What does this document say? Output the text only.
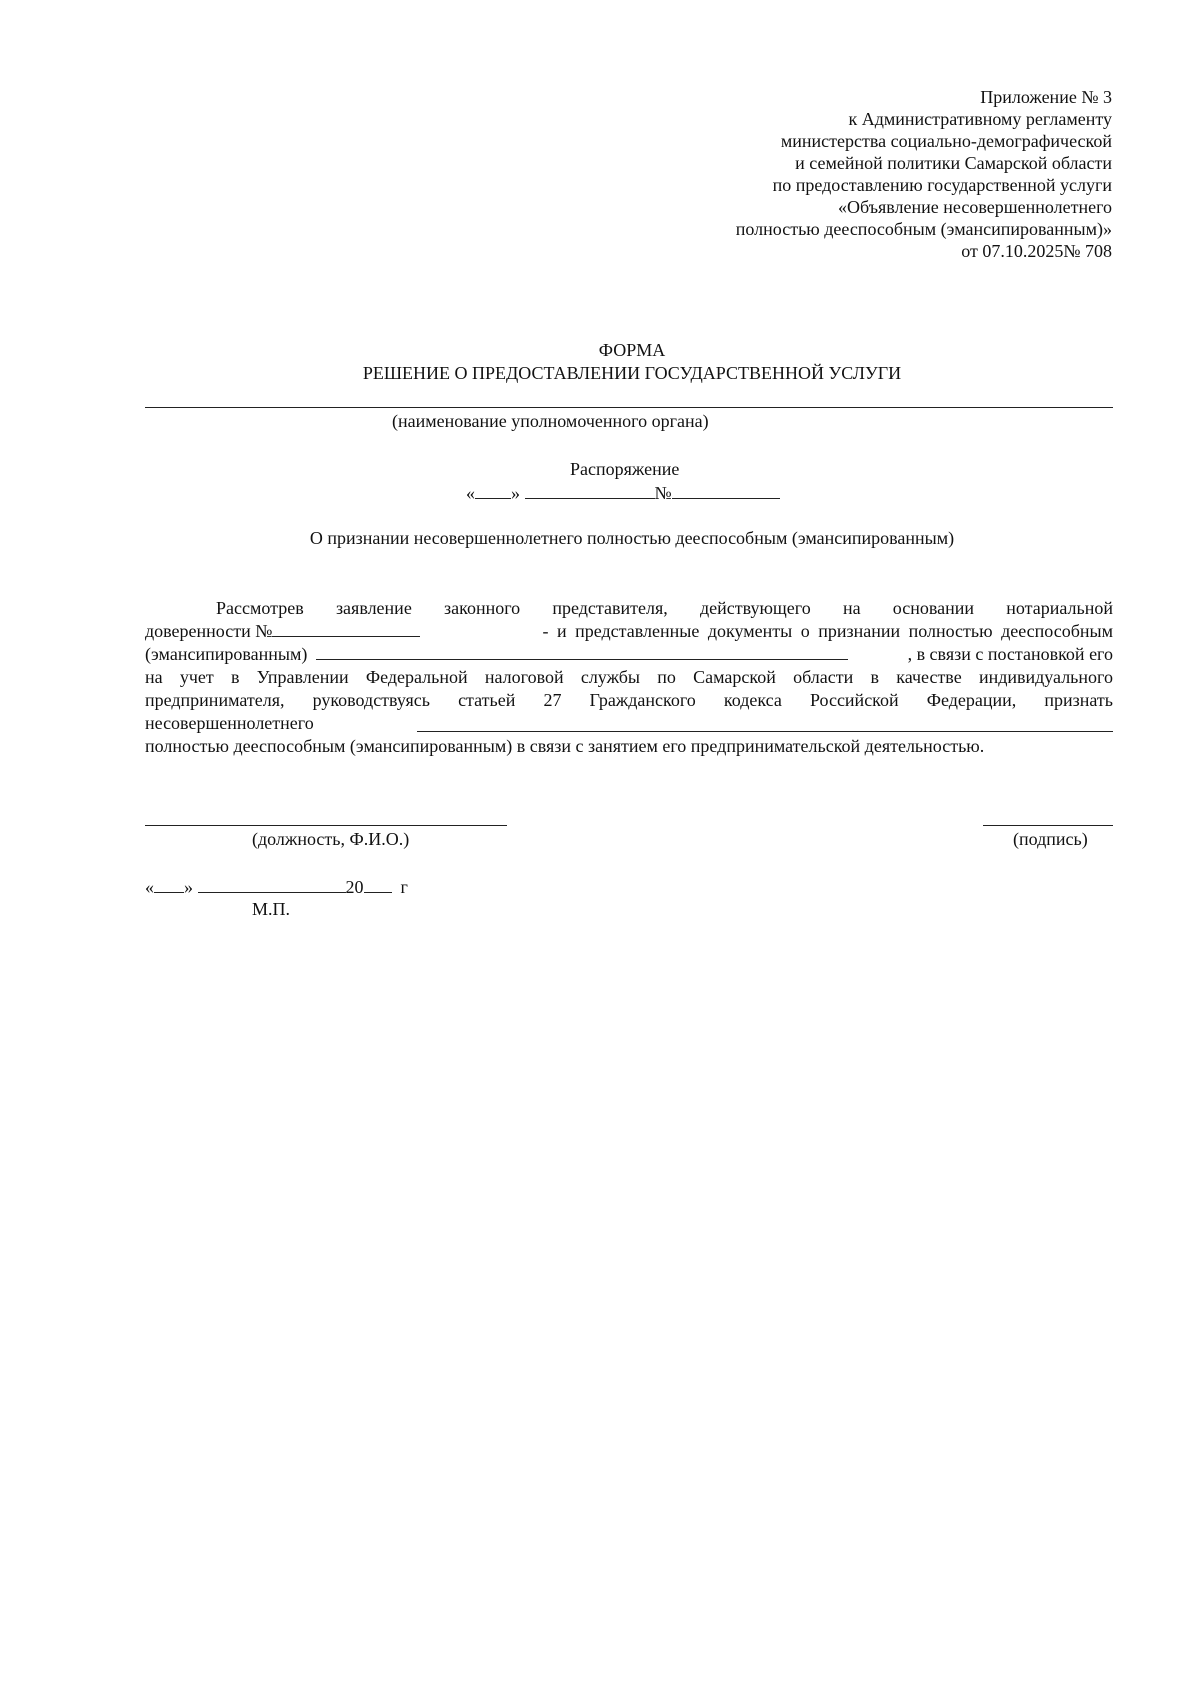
Приложение № 3
к Административному регламенту
министерства социально-демографической
и семейной политики Самарской области
по предоставлению государственной услуги
«Объявление несовершеннолетнего
полностью дееспособным (эмансипированным)»
от 07.10.2025№ 708
ФОРМА
РЕШЕНИЕ О ПРЕДОСТАВЛЕНИИ ГОСУДАРСТВЕННОЙ УСЛУГИ
(наименование уполномоченного органа)
Распоряжение
« »	№
О признании несовершеннолетнего полностью дееспособным (эмансипированным)
Рассмотрев заявление законного представителя, действующего на основании нотариальной
доверенности №	- и представленные документы о признании полностью дееспособным
(эмансипированным)	, в связи с постановкой его
на учет в Управлении Федеральной налоговой службы по Самарской области в качестве индивидуального
предпринимателя, руководствуясь статьей 27 Гражданского кодекса Российской Федерации, признать
несовершеннолетнего
полностью дееспособным (эмансипированным) в связи с занятием его предпринимательской деятельностью.
(должность, Ф.И.О.)	(подпись)
« »	20 г
М.П.
